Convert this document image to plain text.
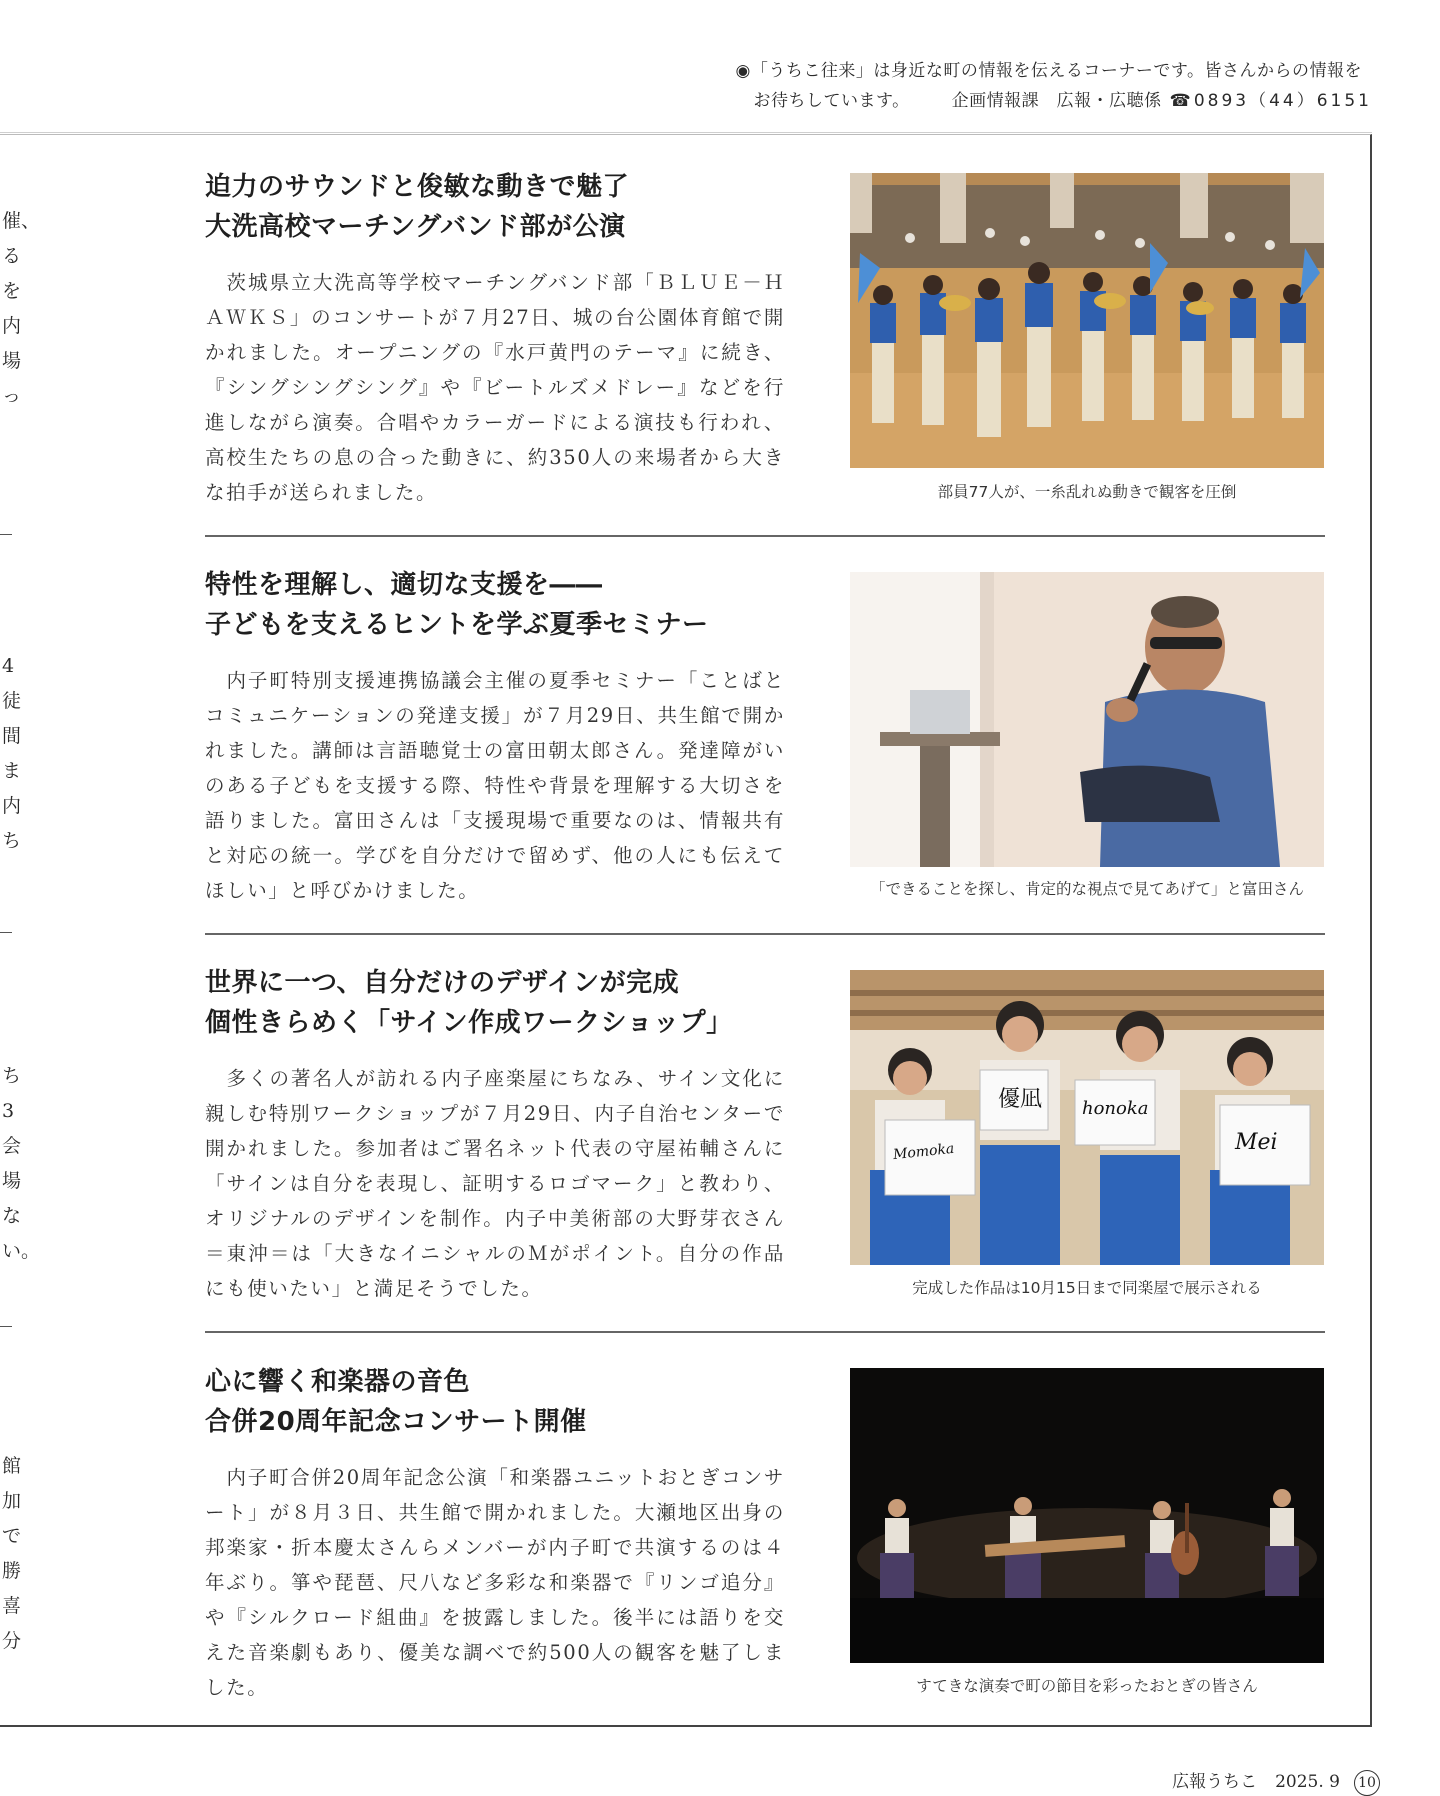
◉「うちこ往来」は身近な町の情報を伝えるコーナーです。皆さんからの情報を
お待ちしています。 企画情報課　広報・広聴係 ☎0893（44）6151
催、る を内場っ
4徒間ま内ち
ち3会場ない。
館加で勝喜分
迫力のサウンドと俊敏な動きで魅了
大洗高校マーチングバンド部が公演
茨城県立大洗高等学校マーチングバンド部「ＢＬＵＥ－ＨＡＷＫＳ」のコンサートが７月27日、城の台公園体育館で開かれました。オープニングの『水戸黄門のテーマ』に続き、『シングシングシング』や『ビートルズメドレー』などを行進しながら演奏。合唱やカラーガードによる演技も行われ、高校生たちの息の合った動きに、約350人の来場者から大きな拍手が送られました。	部員77人が、一糸乱れぬ動きで観客を圧倒
特性を理解し、適切な支援を――
子どもを支えるヒントを学ぶ夏季セミナー
内子町特別支援連携協議会主催の夏季セミナー「ことばとコミュニケーションの発達支援」が７月29日、共生館で開かれました。講師は言語聴覚士の富田朝太郎さん。発達障がいのある子どもを支援する際、特性や背景を理解する大切さを語りました。富田さんは「支援現場で重要なのは、情報共有と対応の統一。学びを自分だけで留めず、他の人にも伝えてほしい」と呼びかけました。	「できることを探し、肯定的な視点で見てあげて」と富田さん
世界に一つ、自分だけのデザインが完成
個性きらめく「サイン作成ワークショップ」
多くの著名人が訪れる内子座楽屋にちなみ、サイン文化に親しむ特別ワークショップが７月29日、内子自治センターで開かれました。参加者はご署名ネット代表の守屋祐輔さんに「サインは自分を表現し、証明するロゴマーク」と教わり、オリジナルのデザインを制作。内子中美術部の大野芽衣さん＝東沖＝は「大きなイニシャルのＭがポイント。自分の作品にも使いたい」と満足そうでした。
Momoka
優凪	honoka
Mei
完成した作品は10月15日まで同楽屋で展示される
心に響く和楽器の音色
合併20周年記念コンサート開催
内子町合併20周年記念公演「和楽器ユニットおとぎコンサート」が８月３日、共生館で開かれました。大瀬地区出身の邦楽家・折本慶太さんらメンバーが内子町で共演するのは４年ぶり。箏や琵琶、尺八など多彩な和楽器で『リンゴ追分』や『シルクロード組曲』を披露しました。後半には語りを交えた音楽劇もあり、優美な調べで約500人の観客を魅了しました。	すてきな演奏で町の節目を彩ったおとぎの皆さん
広報うちこ 2025. 9 10
